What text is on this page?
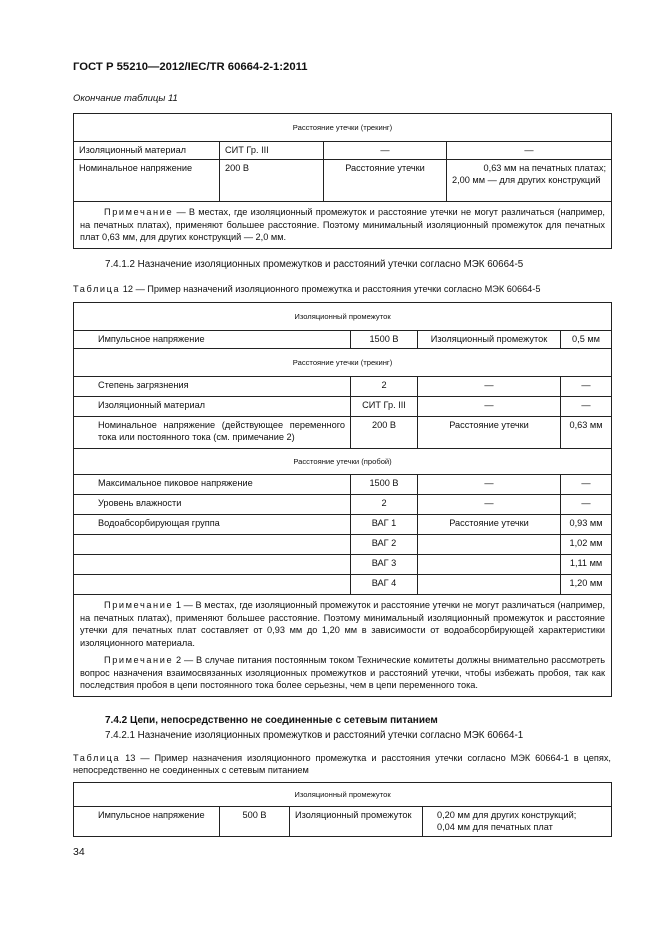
ГОСТ Р 55210—2012/IEC/TR 60664-2-1:2011
Окончание таблицы 11
Расстояние утечки (трекинг)			
Изоляционный материал	СИТ Гр. III	—	—
Номинальное напряжение	200 В	Расстояние утечки	0,63 мм на печатных платах;
2,00 мм — для других конструкций

Примечание — В местах, где изоляционный промежуток и расстояние утечки не могут различаться (например, на печатных платах), применяют большее расстояние. Поэтому минимальный изоляционный промежуток для печатных плат 0,63 мм, для других конструкций — 2,0 мм.			

7.4.1.2 Назначение изоляционных промежутков и расстояний утечки согласно МЭК 60664-5
Таблица 12 — Пример назначений изоляционного промежутка и расстояния утечки согласно МЭК 60664-5
Изоляционный промежуток			
Импульсное напряжение	1500 В	Изоляционный промежуток	0,5 мм
Расстояние утечки (трекинг)			
Степень загрязнения	2	—	—
Изоляционный материал	СИТ Гр. III	—	—
Номинальное напряжение (действующее переменного тока или постоянного тока (см. примечание 2)	200 В	Расстояние утечки	0,63 мм
Расстояние утечки (пробой)			
Максимальное пиковое напряжение	1500 В	—	—
Уровень влажности	2	—	—
Водоабсорбирующая группа	ВАГ 1	Расстояние утечки	0,93 мм
	ВАГ 2		1,02 мм
	ВАГ 3		1,11 мм
	ВАГ 4		1,20 мм

Примечание 1 — В местах, где изоляционный промежуток и расстояние утечки не могут различаться (например, на печатных платах), применяют большее расстояние. Поэтому минимальный изоляционный промежуток и расстояние утечки для печатных плат составляет от 0,93 мм до 1,20 мм в зависимости от водоабсорбирующей характеристики изоляционного материала.

Примечание 2 — В случае питания постоянным током Технические комитеты должны внимательно рассмотреть вопрос назначения взаимосвязанных изоляционных промежутков и расстояний утечки, чтобы избежать пробоя, так как последствия пробоя в цепи постоянного тока более серьезны, чем в цепи переменного тока.			

7.4.2 Цепи, непосредственно не соединенные с сетевым питанием
7.4.2.1 Назначение изоляционных промежутков и расстояний утечки согласно МЭК 60664-1
Таблица 13 — Пример назначения изоляционного промежутка и расстояния утечки согласно МЭК 60664-1 в цепях, непосредственно не соединенных с сетевым питанием
Изоляционный промежуток
Импульсное напряжение	500 В	Изоляционный промежуток	0,20 мм для других конструкций;
0,04 мм для печатных плат
34
